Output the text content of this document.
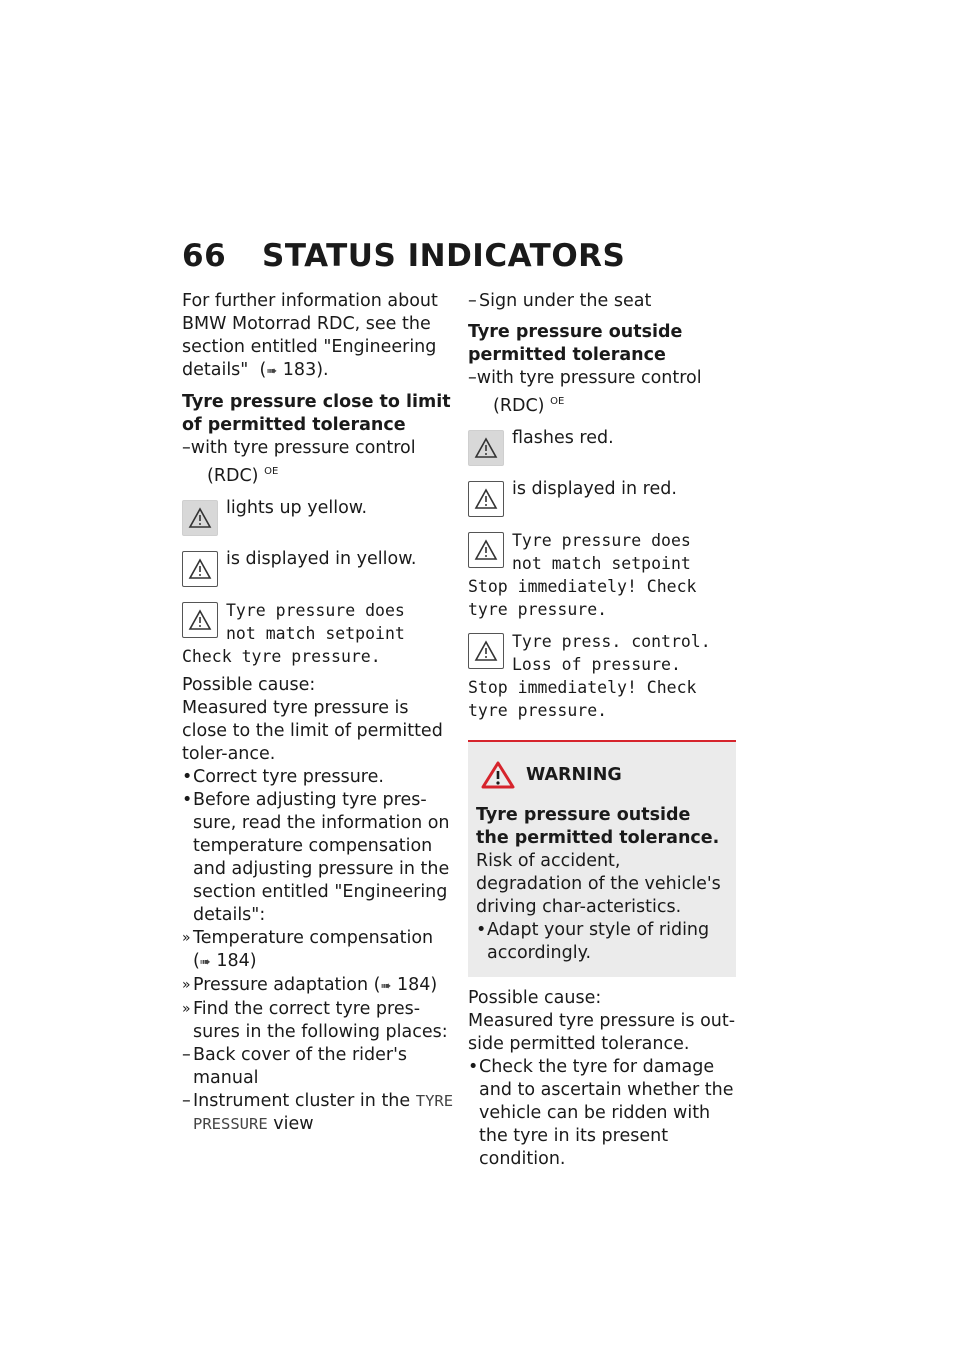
66 STATUS INDICATORS

For further information about BMW Motorrad RDC, see the section entitled "Engineering details"  (➠ 183).

Tyre pressure close to limit of permitted tolerance

–with tyre pressure control
(RDC) $^{OE}$

lights up yellow.
is displayed in yellow.
Tyre pressure does
not match setpoint
Check tyre pressure.

Possible cause:

Measured tyre pressure is close to the limit of permitted toler-ance.

• Correct tyre pressure.

• Before adjusting tyre pres-sure, read the information on temperature compensation and adjusting pressure in the section entitled "Engineering details":

» Temperature compensation
(➠ 184)

» Pressure adaptation (➠ 184)

» Find the correct tyre pres-sures in the following places:

– Back cover of the rider's manual

– Instrument cluster in the TYRE PRESSURE view

– Sign under the seat

Tyre pressure outside permitted tolerance

–with tyre pressure control
(RDC) $^{OE}$

flashes red.
is displayed in red.
Tyre pressure does
not match setpoint
Stop immediately! Check
tyre pressure.
Tyre press. control.
Loss of pressure.
Stop immediately! Check
tyre pressure.
WARNING

Tyre pressure outside the permitted tolerance.

Risk of accident, degradation of the vehicle's driving char-acteristics.

• Adapt your style of riding accordingly.

Possible cause:

Measured tyre pressure is out-side permitted tolerance.

• Check the tyre for damage and to ascertain whether the vehicle can be ridden with the tyre in its present condition.
